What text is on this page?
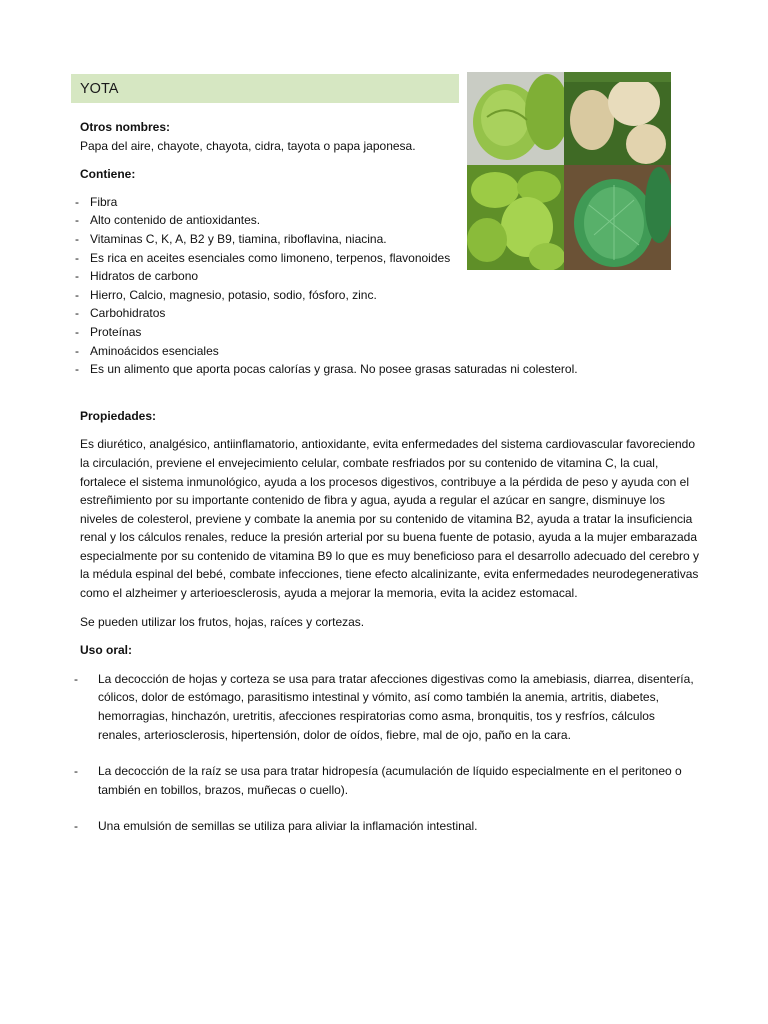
YOTA
Otros nombres:
Papa del aire, chayote, chayota, cidra, tayota o papa japonesa.
Contiene:
- Fibra
- Alto contenido de antioxidantes.
- Vitaminas C, K, A, B2 y B9, tiamina, riboflavina, niacina.
- Es rica en aceites esenciales como limoneno, terpenos, flavonoides
- Hidratos de carbono
- Hierro, Calcio, magnesio, potasio, sodio, fósforo, zinc.
- Carbohidratos
- Proteínas
- Aminoácidos esenciales
- Es un alimento que aporta pocas calorías y grasa. No posee grasas saturadas ni colesterol.
Propiedades:
Es diurético, analgésico, antiinflamatorio, antioxidante, evita enfermedades del sistema cardiovascular favoreciendo la circulación, previene el envejecimiento celular, combate resfriados por su contenido de vitamina C, la cual, fortalece el sistema inmunológico, ayuda a los procesos digestivos, contribuye a la pérdida de peso y ayuda con el estreñimiento por su importante contenido de fibra y agua, ayuda a regular el azúcar en sangre, disminuye los niveles de colesterol, previene y combate la anemia por su contenido de vitamina B2, ayuda a tratar la insuficiencia renal y los cálculos renales, reduce la presión arterial por su buena fuente de potasio, ayuda a la mujer embarazada especialmente por su contenido de vitamina B9 lo que es muy beneficioso para el desarrollo adecuado del cerebro y la médula espinal del bebé, combate infecciones, tiene efecto alcalinizante, evita enfermedades neurodegenerativas como el alzheimer y arterioesclerosis, ayuda a mejorar la memoria, evita la acidez estomacal.
Se pueden utilizar los frutos, hojas, raíces y cortezas.
Uso oral:
- La decocción de hojas y corteza se usa para tratar afecciones digestivas como la amebiasis, diarrea, disentería, cólicos, dolor de estómago, parasitismo intestinal y vómito, así como también la anemia, artritis, diabetes, hemorragias, hinchazón, uretritis, afecciones respiratorias como asma, bronquitis, tos y resfríos, cálculos renales, arteriosclerosis, hipertensión, dolor de oídos, fiebre, mal de ojo, paño en la cara.
- La decocción de la raíz se usa para tratar hidropesía (acumulación de líquido especialmente en el peritoneo o también en tobillos, brazos, muñecas o cuello).
- Una emulsión de semillas se utiliza para aliviar la inflamación intestinal.
